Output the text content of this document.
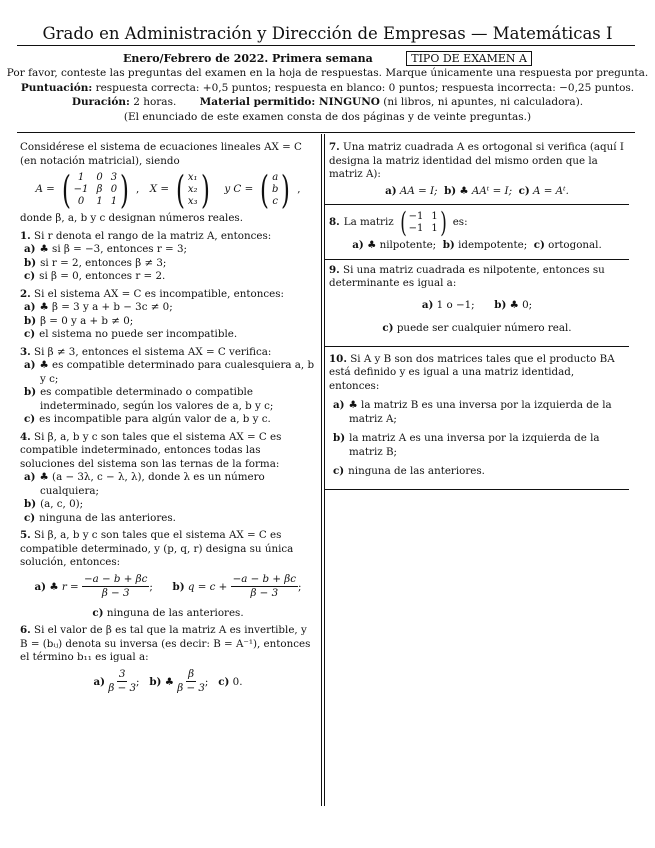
Grado en Administración y Dirección de Empresas — Matemáticas I
Enero/Febrero de 2022. Primera semana	TIPO DE EXAMEN A
Por favor, conteste las preguntas del examen en la hoja de respuestas. Marque únicamente una respuesta por pregunta.
Puntuación: respuesta correcta: +0,5 puntos; respuesta en blanco: 0 puntos; respuesta incorrecta: −0,25 puntos.
Duración: 2 horas. Material permitido: NINGUNO (ni libros, ni apuntes, ni calculadora).
(El enunciado de este examen consta de dos páginas y de veinte preguntas.)

Considérese el sistema de ecuaciones lineales AX = C (en notación matricial), siendo

A = ( 1	0 3
−1 β 0
0	1 1 ) , X = ( x₁
x₂
x₃ ) y C = ( a
b
c ) ,

donde β, a, b y c designan números reales.

1. Si r denota el rango de la matriz A, entonces:

a) ♣ si β = −3, entonces r = 3;

b) si r = 2, entonces β ≠ 3;

c) si β = 0, entonces r = 2.

2. Si el sistema AX = C es incompatible, entonces:

a) ♣ β = 3 y a + b − 3c ≠ 0;

b) β = 0 y a + b ≠ 0;

c) el sistema no puede ser incompatible.

3. Si β ≠ 3, entonces el sistema AX = C verifica:

a) ♣ es compatible determinado para cualesquiera a, b y c;

b) es compatible determinado o compatible indeterminado, según los valores de a, b y c;

c) es incompatible para algún valor de a, b y c.

4. Si β, a, b y c son tales que el sistema AX = C es compatible indeterminado, entonces todas las soluciones del sistema son las ternas de la forma:

a) ♣ (a − 3λ, c − λ, λ), donde λ es un número cualquiera;

b) (a, c, 0);

c) ninguna de las anteriores.

5. Si β, a, b y c son tales que el sistema AX = C es compatible determinado, y (p, q, r) designa su única solución, entonces:

a) ♣ $r = \frac{-a - b + \beta c}{\beta - 3}$ ; b) $q = c + \frac{-a - b + \beta c}{\beta - 3}$ ;
c) ninguna de las anteriores.

6. Si el valor de β es tal que la matriz A es invertible, y B = (bᵢⱼ) denota su inversa (es decir: B = A⁻¹), entonces el término b₁₁ es igual a:

$a) \frac{3}{\beta - 3}$ ; b) ♣ $\frac{\beta}{\beta - 3}$ ; c) 0.

7. Una matriz cuadrada A es ortogonal si verifica (aquí I designa la matriz identidad del mismo orden que la matriz A):

a) AA = I; b) ♣ AAᵗ = I; c) A = Aᵗ.
8. La matriz ( −1 1
−1 1 ) es:
a) ♣ nilpotente; b) idempotente; c) ortogonal.

9. Si una matriz cuadrada es nilpotente, entonces su determinante es igual a:

a) 1 o −1; b) ♣ 0;
c) puede ser cualquier número real.

10. Si A y B son dos matrices tales que el producto BA está definido y es igual a una matriz identidad, entonces:

a) ♣ la matriz B es una inversa por la izquierda de la matriz A;

b) la matriz A es una inversa por la izquierda de la matriz B;

c) ninguna de las anteriores.
